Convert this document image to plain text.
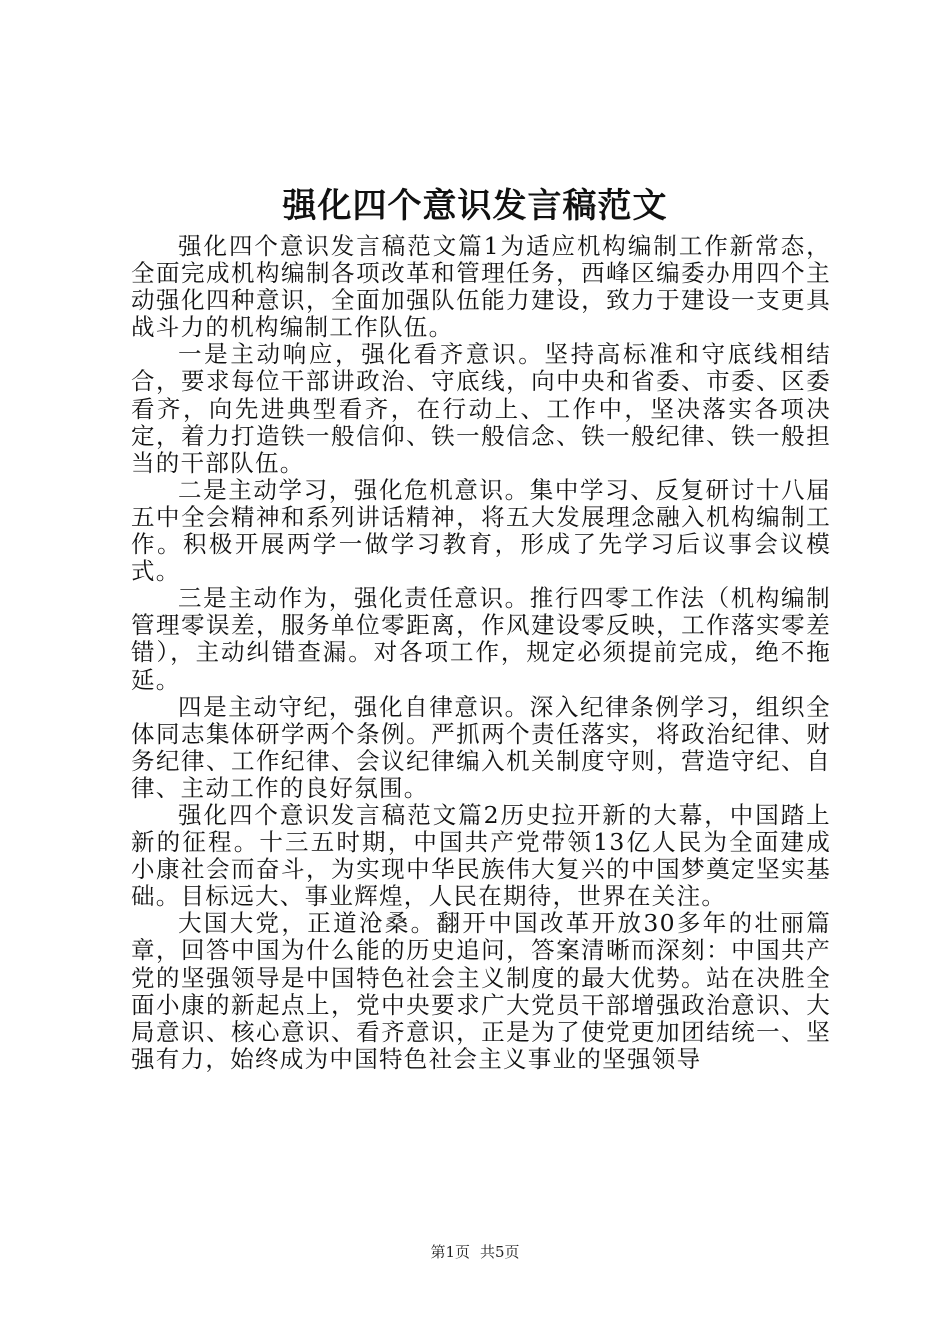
强化四个意识发言稿范文

强化四个意识发言稿范文篇1为适应机构编制工作新常态，全面完成机构编制各项改革和管理任务，西峰区编委办用四个主动强化四种意识，全面加强队伍能力建设，致力于建设一支更具战斗力的机构编制工作队伍。

一是主动响应，强化看齐意识。坚持高标准和守底线相结合，要求每位干部讲政治、守底线，向中央和省委、市委、区委看齐，向先进典型看齐，在行动上、工作中，坚决落实各项决定，着力打造铁一般信仰、铁一般信念、铁一般纪律、铁一般担当的干部队伍。

二是主动学习，强化危机意识。集中学习、反复研讨十八届五中全会精神和系列讲话精神，将五大发展理念融入机构编制工作。积极开展两学一做学习教育，形成了先学习后议事会议模式。

三是主动作为，强化责任意识。推行四零工作法（机构编制管理零误差，服务单位零距离，作风建设零反映，工作落实零差错），主动纠错查漏。对各项工作，规定必须提前完成，绝不拖延。

四是主动守纪，强化自律意识。深入纪律条例学习，组织全体同志集体研学两个条例。严抓两个责任落实，将政治纪律、财务纪律、工作纪律、会议纪律编入机关制度守则，营造守纪、自律、主动工作的良好氛围。

强化四个意识发言稿范文篇2历史拉开新的大幕，中国踏上新的征程。十三五时期，中国共产党带领13亿人民为全面建成小康社会而奋斗，为实现中华民族伟大复兴的中国梦奠定坚实基础。目标远大、事业辉煌，人民在期待，世界在关注。

大国大党，正道沧桑。翻开中国改革开放30多年的壮丽篇章，回答中国为什么能的历史追问，答案清晰而深刻：中国共产党的坚强领导是中国特色社会主义制度的最大优势。站在决胜全面小康的新起点上，党中央要求广大党员干部增强政治意识、大局意识、核心意识、看齐意识，正是为了使党更加团结统一、坚强有力，始终成为中国特色社会主义事业的坚强领导

第1页 共5页
